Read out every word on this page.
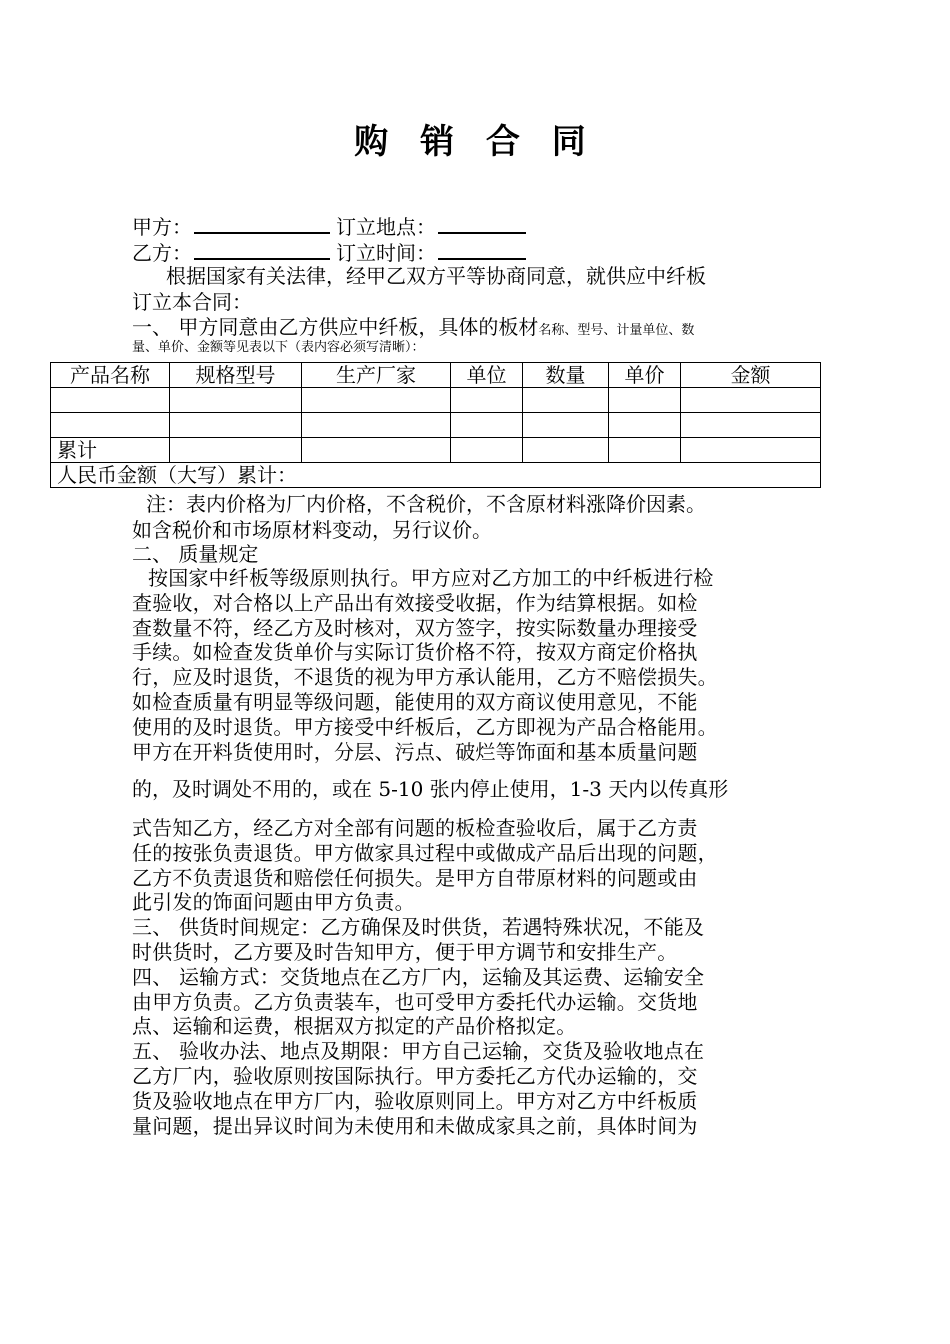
购 销 合 同
甲方：	订立地点：
乙方：	订立时间：
根据国家有关法律，经甲乙双方平等协商同意，就供应中纤板
订立本合同：
一、 甲方同意由乙方供应中纤板，具体的板材名称、型号、计量单位、数
量、单价、金额等见表以下（表内容必须写清晰）：
产品名称	规格型号	生产厂家	单位	数量	单价	金额

累计						
人民币金额（大写）累计：						
注：表内价格为厂内价格，不含税价，不含原材料涨降价因素。
如含税价和市场原材料变动，另行议价。
二、 质量规定
按国家中纤板等级原则执行。甲方应对乙方加工的中纤板进行检
查验收，对合格以上产品出有效接受收据，作为结算根据。如检
查数量不符，经乙方及时核对，双方签字，按实际数量办理接受
手续。如检查发货单价与实际订货价格不符，按双方商定价格执
行，应及时退货，不退货的视为甲方承认能用，乙方不赔偿损失。
如检查质量有明显等级问题，能使用的双方商议使用意见，不能
使用的及时退货。甲方接受中纤板后，乙方即视为产品合格能用。
甲方在开料货使用时，分层、污点、破烂等饰面和基本质量问题
的，及时调处不用的，或在 5-10 张内停止使用，1-3 天内以传真形
式告知乙方，经乙方对全部有问题的板检查验收后，属于乙方责
任的按张负责退货。甲方做家具过程中或做成产品后出现的问题，
乙方不负责退货和赔偿任何损失。是甲方自带原材料的问题或由
此引发的饰面问题由甲方负责。
三、 供货时间规定：乙方确保及时供货，若遇特殊状况，不能及
时供货时，乙方要及时告知甲方，便于甲方调节和安排生产。
四、 运输方式：交货地点在乙方厂内，运输及其运费、运输安全
由甲方负责。乙方负责装车，也可受甲方委托代办运输。交货地
点、运输和运费，根据双方拟定的产品价格拟定。
五、 验收办法、地点及期限：甲方自己运输，交货及验收地点在
乙方厂内，验收原则按国际执行。甲方委托乙方代办运输的，交
货及验收地点在甲方厂内，验收原则同上。甲方对乙方中纤板质
量问题，提出异议时间为未使用和未做成家具之前，具体时间为
